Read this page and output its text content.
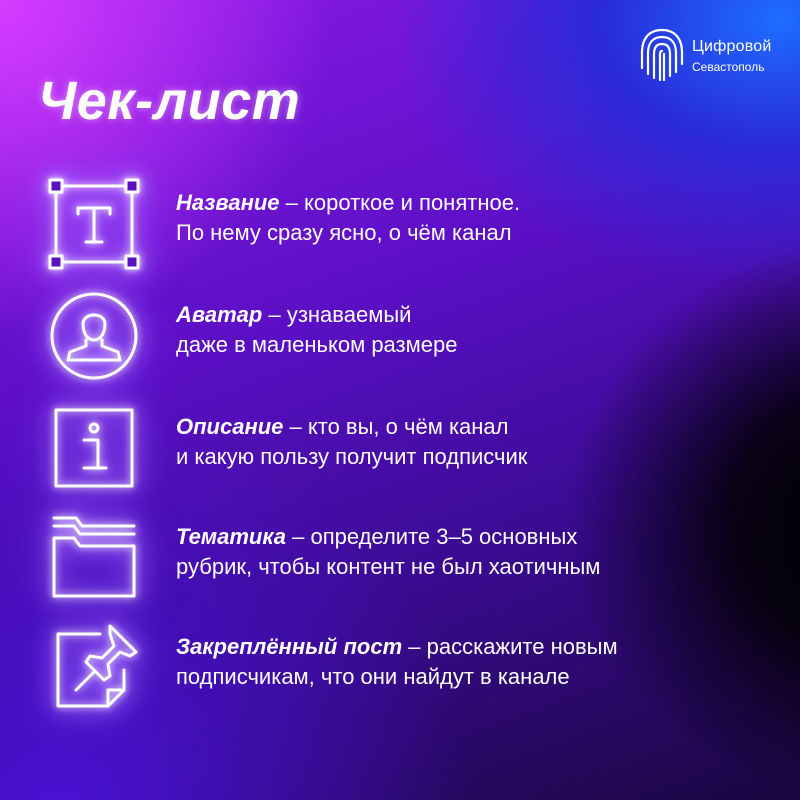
Цифровой
Севастополь
Чек-лист
Название – короткое и понятное.
По нему сразу ясно, о чём канал
Аватар – узнаваемый
даже в маленьком размере
Описание – кто вы, о чём канал
и какую пользу получит подписчик
Тематика – определите 3–5 основных
рубрик, чтобы контент не был хаотичным
Закреплённый пост – расскажите новым
подписчикам, что они найдут в канале
